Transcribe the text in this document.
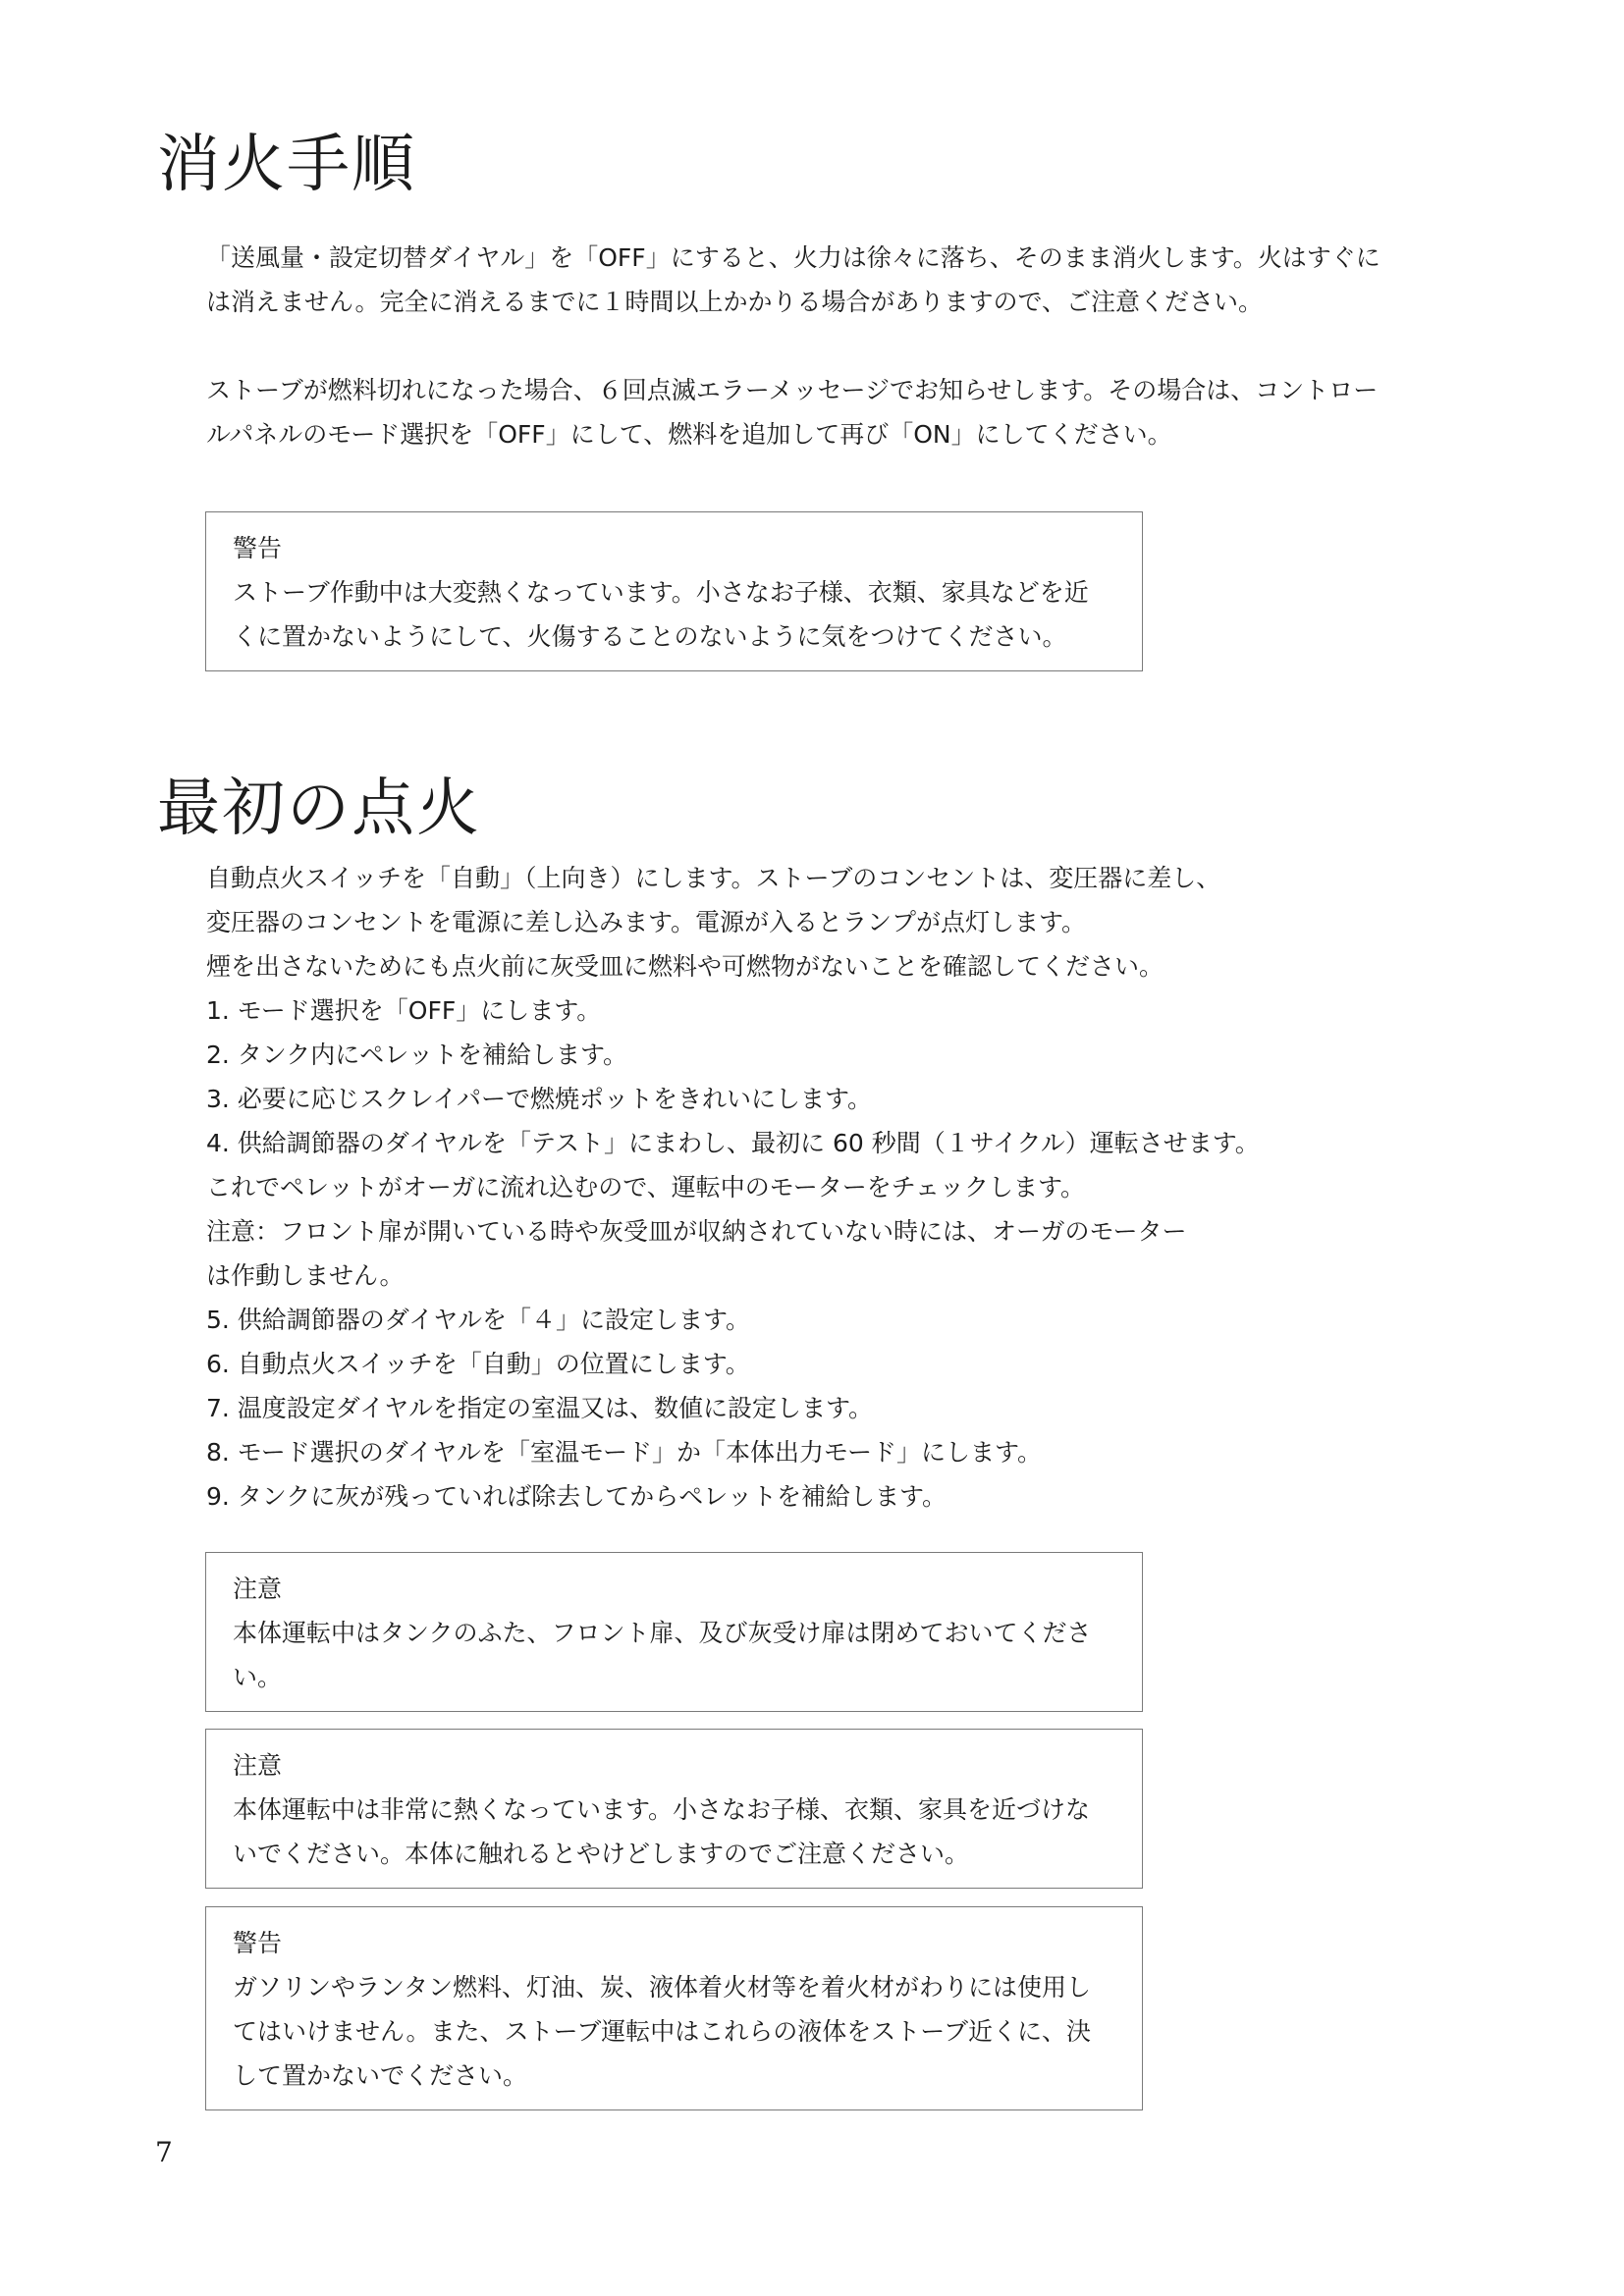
消火手順

「送風量・設定切替ダイヤル」を「OFF」にすると、火力は徐々に落ち、そのまま消火します。火はすぐに
は消えません。完全に消えるまでに１時間以上かかりる場合がありますので、ご注意ください。

ストーブが燃料切れになった場合、６回点滅エラーメッセージでお知らせします。その場合は、コントロー
ルパネルのモード選択を「OFF」にして、燃料を追加して再び「ON」にしてください。

警告
ストーブ作動中は大変熱くなっています。小さなお子様、衣類、家具などを近
くに置かないようにして、火傷することのないように気をつけてください。
最初の点火
自動点火スイッチを「自動」（上向き）にします。ストーブのコンセントは、変圧器に差し、
変圧器のコンセントを電源に差し込みます。電源が入るとランプが点灯します。
煙を出さないためにも点火前に灰受皿に燃料や可燃物がないことを確認してください。
1. モード選択を「OFF」にします。
2. タンク内にペレットを補給します。
3. 必要に応じスクレイパーで燃焼ポットをきれいにします。
4. 供給調節器のダイヤルを「テスト」にまわし、最初に 60 秒間（１サイクル）運転させます。
これでペレットがオーガに流れ込むので、運転中のモーターをチェックします。
注意：フロント扉が開いている時や灰受皿が収納されていない時には、オーガのモーター
は作動しません。
5. 供給調節器のダイヤルを「４」に設定します。
6. 自動点火スイッチを「自動」の位置にします。
7. 温度設定ダイヤルを指定の室温又は、数値に設定します。
8. モード選択のダイヤルを「室温モード」か「本体出力モード」にします。
9. タンクに灰が残っていれば除去してからペレットを補給します。
注意
本体運転中はタンクのふた、フロント扉、及び灰受け扉は閉めておいてくださ
い。
注意
本体運転中は非常に熱くなっています。小さなお子様、衣類、家具を近づけな
いでください。本体に触れるとやけどしますのでご注意ください。
警告
ガソリンやランタン燃料、灯油、炭、液体着火材等を着火材がわりには使用し
てはいけません。また、ストーブ運転中はこれらの液体をストーブ近くに、決
して置かないでください。
7
